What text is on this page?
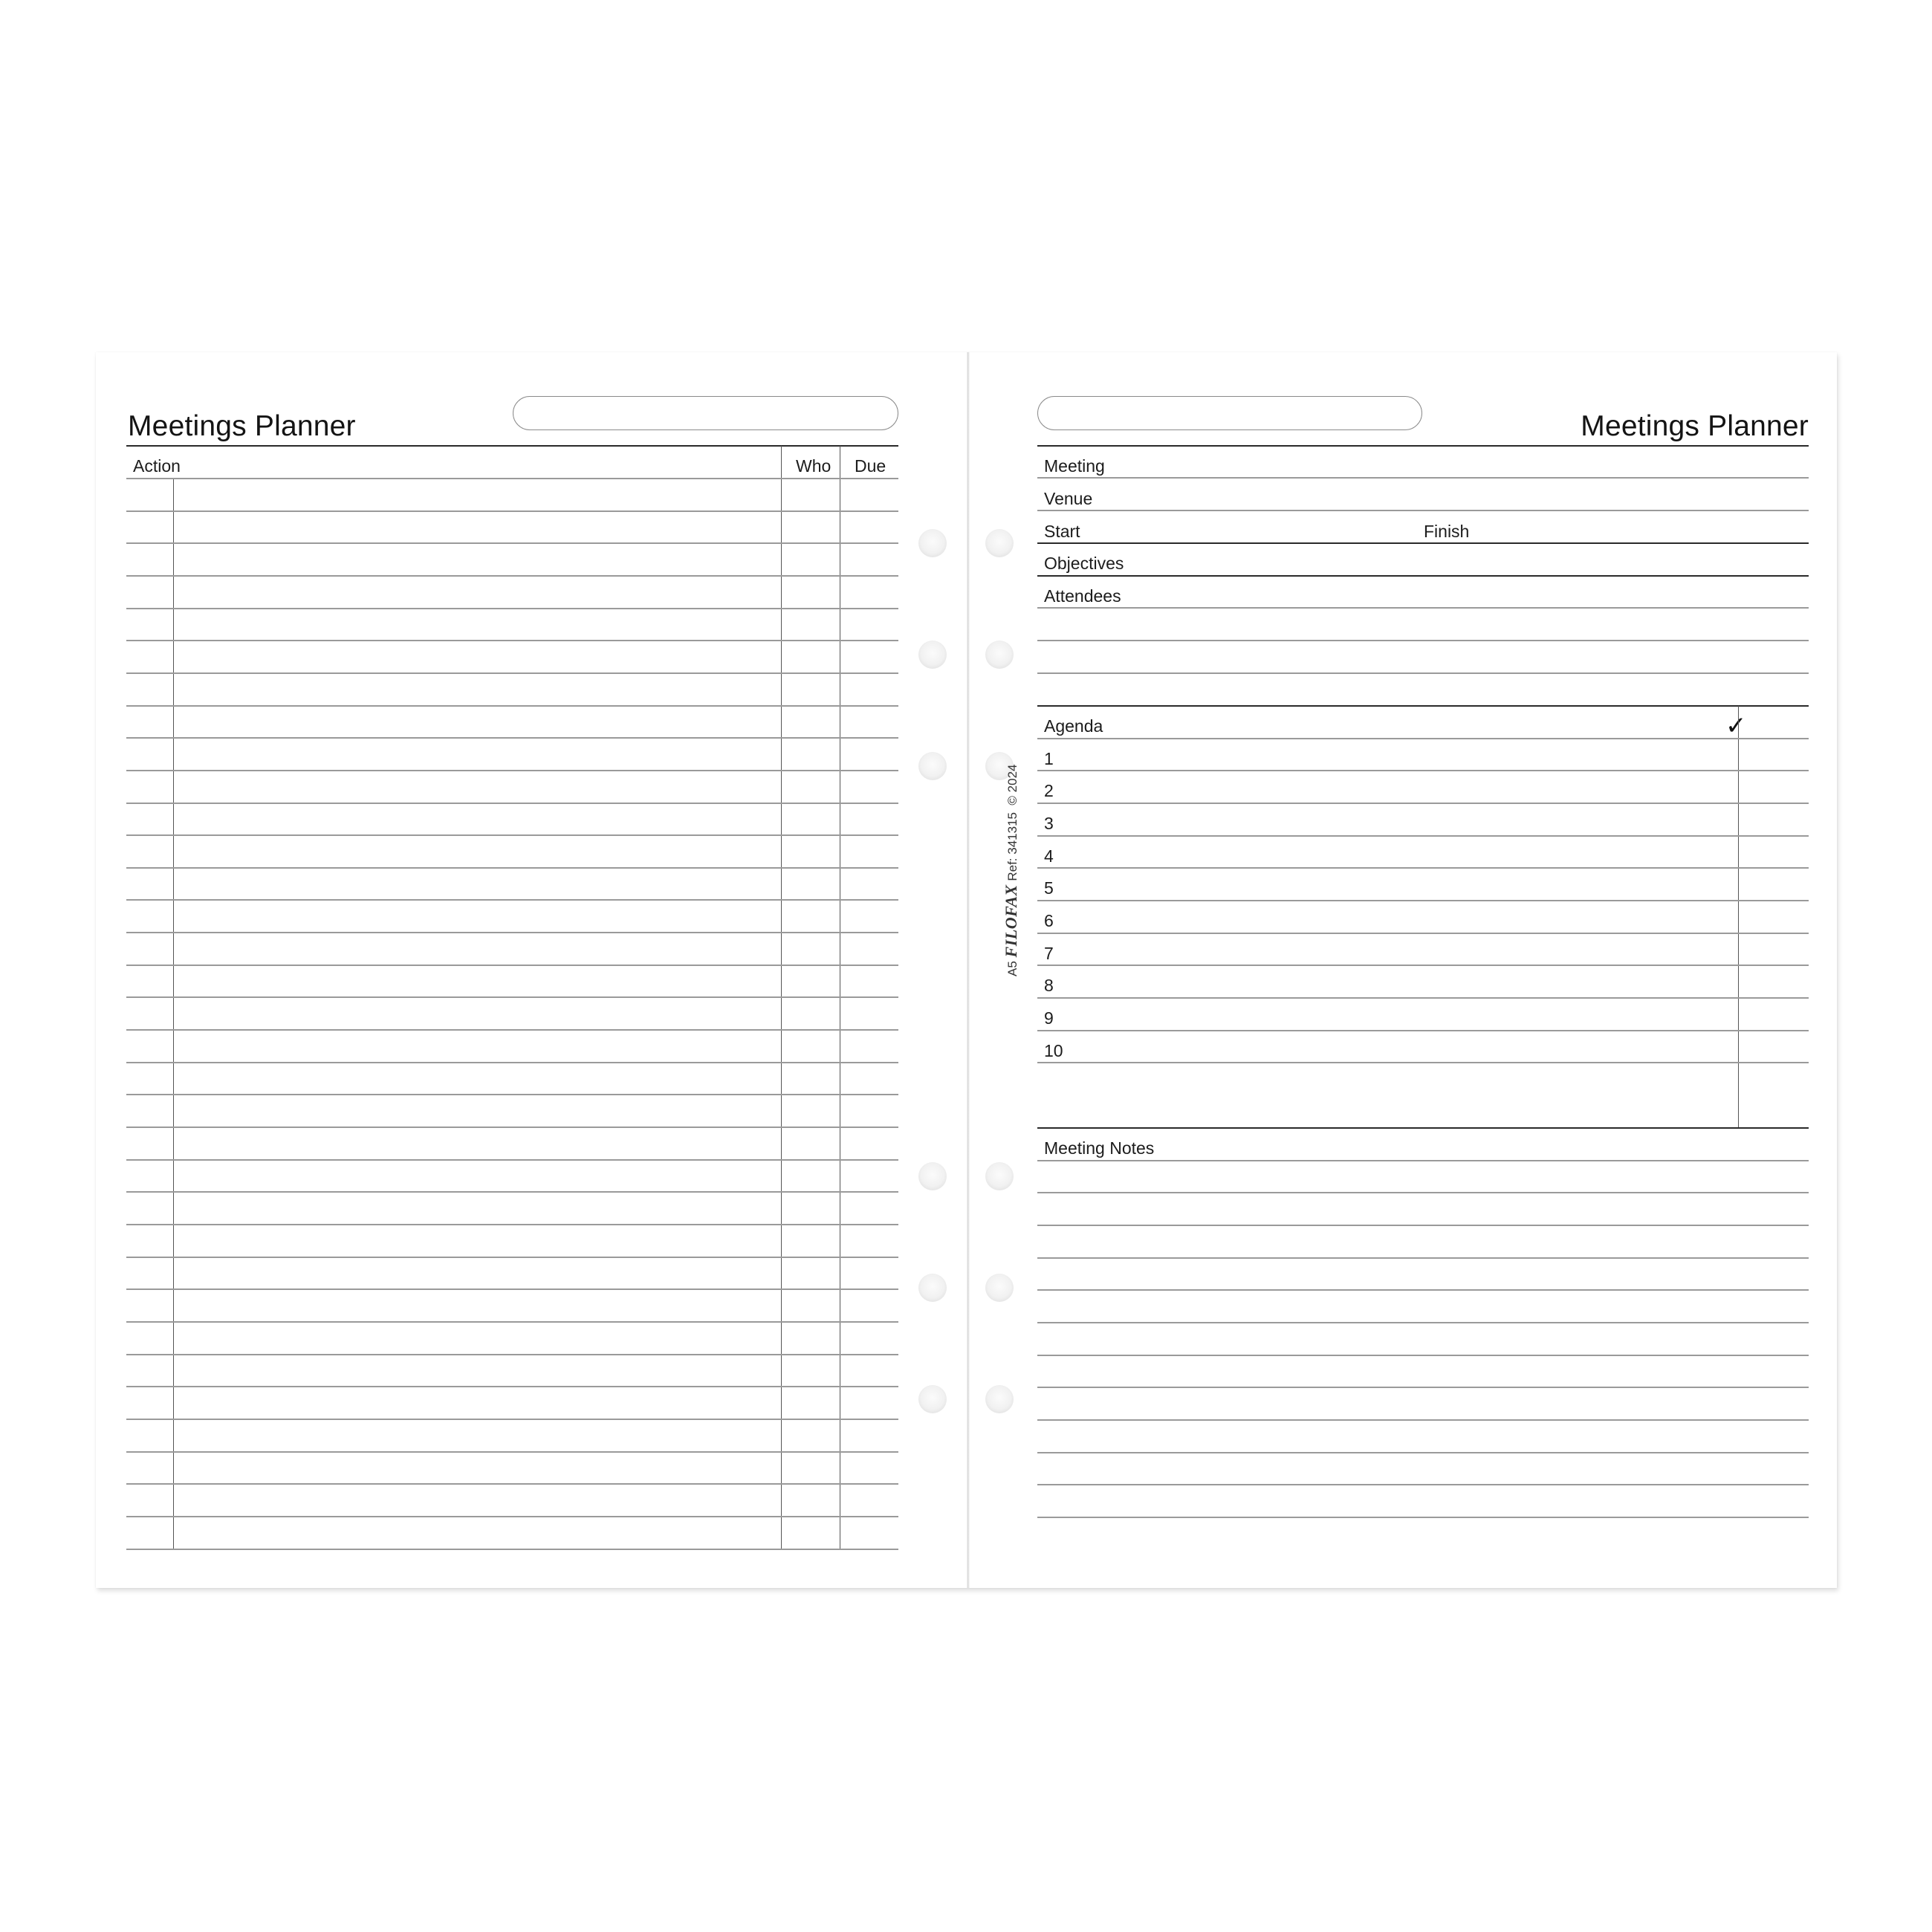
Meetings Planner
Action	Who Due
A5 FILOFAX Ref: 341315  © 2024
Meetings Planner
Meeting
Venue
Start	Finish
Objectives
Attendees
Agenda	✓
1
2
3
4
5
6
7
8
9
10
Meeting Notes
